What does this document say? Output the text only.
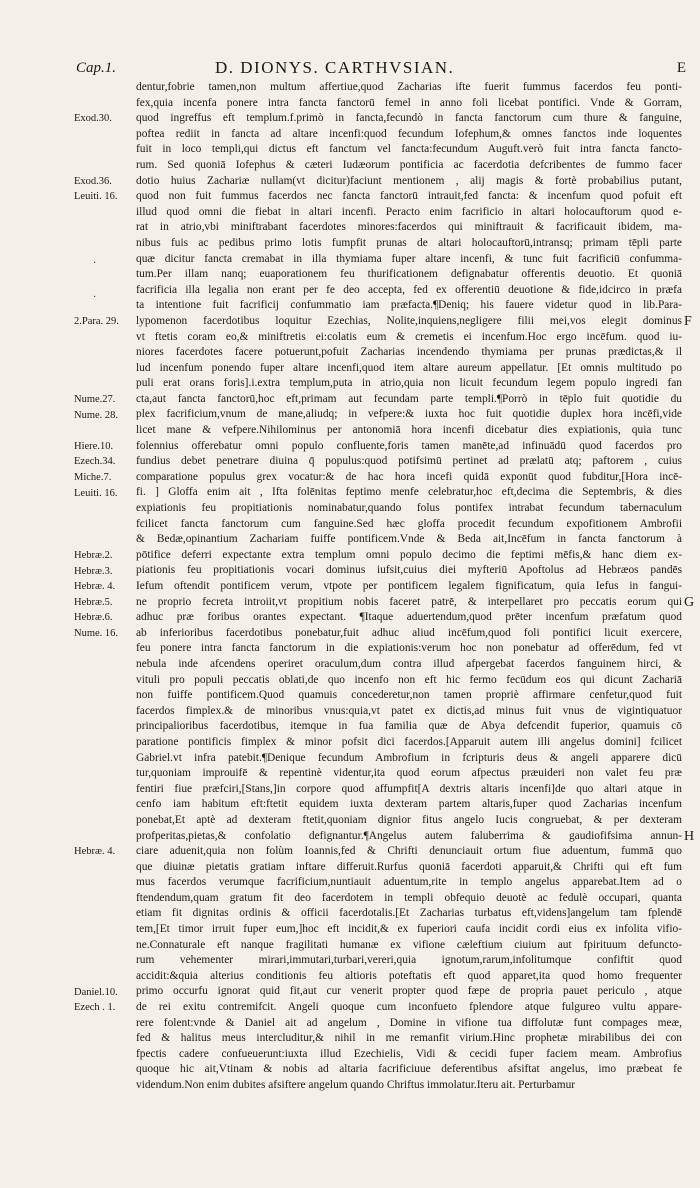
Cap.1.	D. DIONYS. CARTHVSIAN.	E
dentur,fobrie tamen,non multum affertiue,quod Zacharias ifte fuerit fummus facerdos feu ponti-
fex,quia incenfa ponere intra fancta fanctorū femel in anno foli licebat pontifici. Vnde & Gorram,
quod ingreffus eft templum.f.primò in fancta,fecundò in fancta fanctorum cum thure & fanguine,
poftea rediit in fancta ad altare incenfi:quod fecundum Iofephum,& omnes fanctos inde loquentes
fuit in loco templi,qui dictus eft fanctum vel fancta:fecundum Auguft.verò fuit intra fancta fancto-
rum. Sed quoniā Iofephus & cæteri Iudæorum pontificia ac facerdotia defcribentes de fummo facer
dotio huius Zachariæ nullam(vt dicitur)faciunt mentionem , alij magis & fortè probabilius putant,
quod non fuit fummus facerdos nec fancta fanctorū intrauit,fed fancta: & incenfum quod pofuit eft
illud quod omni die fiebat in altari incenfi. Peracto enim facrificio in altari holocauftorum quod e-
rat in atrio,vbi miniftrabant facerdotes minores:facerdos qui miniftrauit & facrificauit ibidem, ma-
nibus fuis ac pedibus primo lotis fumpfit prunas de altari holocauftorū,intransq; primam tēpli parte
quæ dicitur fancta cremabat in illa thymiama fuper altare incenfi, & tunc fuit facrificiū confumma-
tum.Per illam nanq; euaporationem feu thurificationem defignabatur offerentis deuotio. Et quoniā
facrificia illa legalia non erant per fe deo accepta, fed ex offerentiū deuotione & fide,idcirco in præfa
ta intentione fuit facrificij confummatio iam præfacta.¶Deniq; his fauere videtur quod in lib.Para-
lypomenon facerdotibus loquitur Ezechias, Nolite,inquiens,negligere filii mei,vos elegit dominus
vt ftetis coram eo,& miniftretis ei:colatis eum & cremetis ei incenfum.Hoc ergo incēfum. quod iu-
niores facerdotes facere potuerunt,pofuit Zacharias incendendo thymiama per prunas prædictas,& il
lud incenfum ponendo fuper altare incenfi,quod item altare aureum appellatur. [Et omnis multitudo po
puli erat orans foris].i.extra templum,puta in atrio,quia non licuit fecundum legem populo ingredi fan
cta,aut fancta fanctorū,hoc eft,primam aut fecundam parte templi.¶Porrò in tēplo fuit quotidie du
plex facrificium,vnum de mane,aliudq; in vefpere:& iuxta hoc fuit quotidie duplex hora incēfi,vide
licet mane & vefpere.Nihilominus per antonomiā hora incenfi dicebatur dies expiationis, quia tunc
folennius offerebatur omni populo confluente,foris tamen manēte,ad infinuādū quod facerdos pro
fundius debet penetrare diuina q̄ populus:quod potifsimū pertinet ad prælatū atq; paftorem , cuius
comparatione populus grex vocatur:& de hac hora incefi quidā exponūt quod fubditur,[Hora incē-
fi. ] Gloffa enim ait , Ifta folēnitas feptimo menfe celebratur,hoc eft,decima die Septembris, & dies
expiationis feu propitiationis nominabatur,quando folus pontifex intrabat fecundum tabernaculum
fcilicet fancta fanctorum cum fanguine.Sed hæc gloffa procedit fecundum expofitionem Ambrofii
& Bedæ,opinantium Zachariam fuiffe pontificem.Vnde & Beda ait,Incēfum in fancta fanctorum à
pōtifice deferri expectante extra templum omni populo decimo die feptimi mēfis,& hanc diem ex-
piationis feu propitiationis vocari dominus iufsit,cuius diei myfteriū Apoftolus ad Hebræos pandēs
Iefum oftendit pontificem verum, vtpote per pontificem legalem fignificatum, quia Iefus in fangui-
ne proprio fecreta introiit,vt propitium nobis faceret patrē, & interpellaret pro peccatis eorum qui
adhuc præ foribus orantes expectant. ¶Itaque aduertendum,quod prēter incenfum præfatum quod
ab inferioribus facerdotibus ponebatur,fuit adhuc aliud incēfum,quod foli pontifici licuit exercere,
feu ponere intra fancta fanctorum in die expiationis:verum hoc non ponebatur ad offerēdum, fed vt
nebula inde afcendens operiret oraculum,dum contra illud afpergebat facerdos fanguinem hirci, &
vituli pro populi peccatis oblati,de quo incenfo non eft hic fermo fecūdum eos qui dicunt Zachariā
non fuiffe pontificem.Quod quamuis concederetur,non tamen propriè affirmare cenfetur,quod fuit
facerdos fimplex.& de minoribus vnus:quia,vt patet ex dictis,ad minus fuit vnus de vigintiquatuor
principalioribus facerdotibus, itemque in fua familia quæ de Abya defcendit fuperior, quamuis cō
paratione pontificis fimplex & minor pofsit dici facerdos.[Apparuit autem illi angelus domini] fcilicet
Gabriel.vt infra patebit.¶Denique fecundum Ambrofium in fcripturis deus & angeli apparere dicū
tur,quoniam improuifē & repentinè videntur,ita quod eorum afpectus præuideri non valet feu præ
fentiri fiue præfciri,[Stans,]in corpore quod affumpfit[A dextris altaris incenfi]de quo altari atque in
cenfo iam habitum eft:ftetit equidem iuxta dexteram partem altaris,fuper quod Zacharias incenfum
ponebat,Et aptè ad dexteram ftetit,quoniam dignior fitus angelo Iucis congruebat, & per dexteram
profperitas,pietas,& confolatio defignantur.¶Angelus autem faluberrima & gaudiofifsima annun-
ciare aduenit,quia non folùm Ioannis,fed & Chrifti denunciauit ortum fiue aduentum, fummā quo
que diuinæ pietatis gratiam inftare differuit.Rurfus quoniā facerdoti apparuit,& Chrifti qui eft fum
mus facerdos verumque facrificium,nuntiauit aduentum,rite in templo angelus apparebat.Item ad o
ftendendum,quam gratum fit deo facerdotem in templi obfequio deuotè ac fedulè occupari, quanta
etiam fit dignitas ordinis & officii facerdotalis.[Et Zacharias turbatus eft,videns]angelum tam fplendē
tem,[Et timor irruit fuper eum,]hoc eft incidit,& ex fuperiori caufa incidit cordi eius ex infolita vifio-
ne.Connaturale eft nanque fragilitati humanæ ex vifione cæleftium ciuium aut fpirituum defuncto-
rum vehementer mirari,immutari,turbari,vereri,quia ignotum,rarum,infolitumque confiftit quod
accidit:&quia alterius conditionis feu altioris poteftatis eft quod apparet,ita quod homo frequenter
primo occurfu ignorat quid fit,aut cur venerit propter quod fæpe de propria pauet periculo , atque
de rei exitu contremifcit. Angeli quoque cum inconfueto fplendore atque fulgureo vultu appare-
rere folent:vnde & Daniel ait ad angelum , Domine in vifione tua diffolutæ funt compages meæ,
fed & halitus meus intercluditur,& nihil in me remanfit virium.Hinc prophetæ mirabilibus dei con
fpectis cadere confueuerunt:iuxta illud Ezechielis, Vidi & cecidi fuper faciem meam. Ambrofius
quoque hic ait,Vtinam & nobis ad altaria facrificiuue deferentibus afsiftat angelus, imo præbeat fe
videndum.Non enim dubites afsiftere angelum quando Chriftus immolatur.Iteru ait. Perturbamur
Exod.30.
Exod.36.
Leuiti. 16.
2.Para. 29.
Nume.27.
Nume. 28.
Hiere.10.
Ezech.34.
Miche.7.
Leuiti. 16.
Hebræ.2.
Hebræ.3.
Hebræ. 4.
Hebræ.5.
Hebræ.6.
Nume. 16.
Hebræ. 4.
Daniel.10.
Ezech . 1.
F
G
H
·
·
